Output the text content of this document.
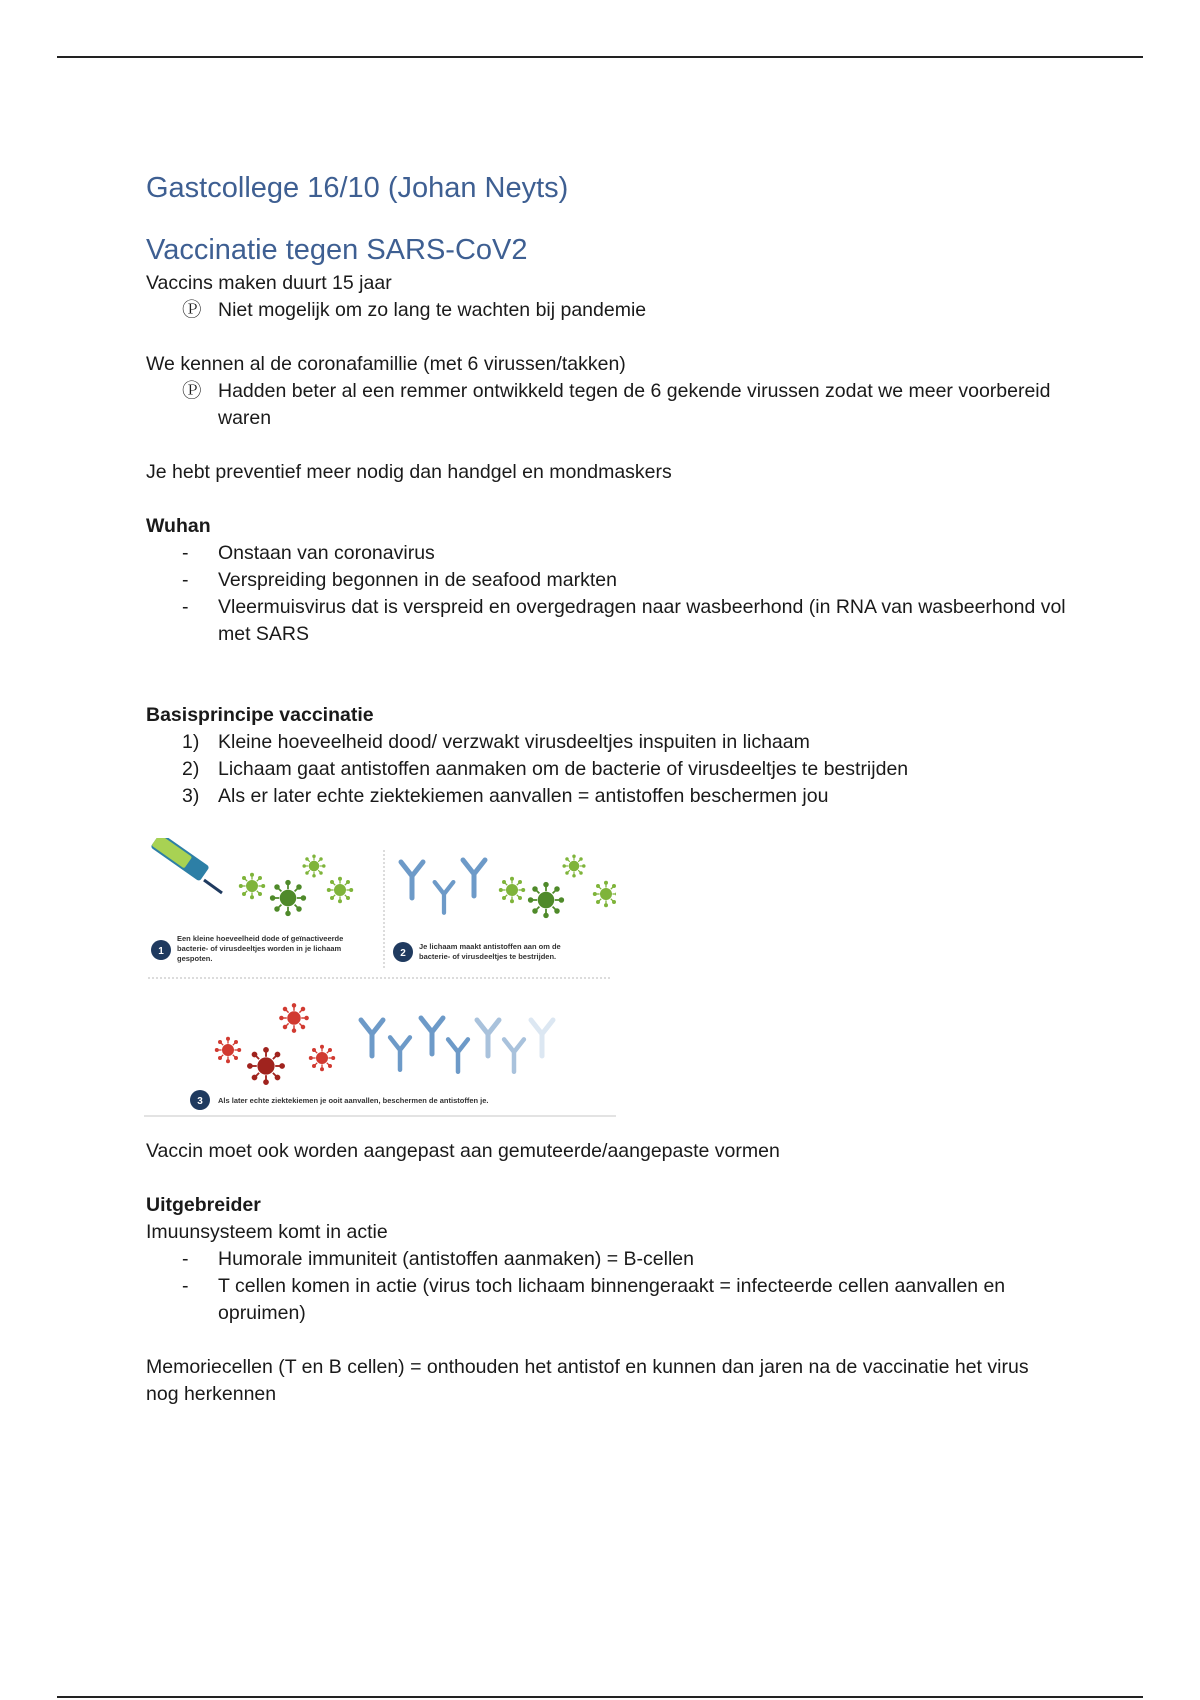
Gastcollege 16/10 (Johan Neyts)
Vaccinatie tegen SARS-CoV2

Vaccins maken duurt 15 jaar

Ⓟ Niet mogelijk om zo lang te wachten bij pandemie

We kennen al de coronafamillie (met 6 virussen/takken)

Ⓟ Hadden beter al een remmer ontwikkeld tegen de 6 gekende virussen zodat we meer voorbereid waren

Je hebt preventief meer nodig dan handgel en mondmaskers

Wuhan

- Onstaan van coronavirus
- Verspreiding begonnen in de seafood markten
- Vleermuisvirus dat is verspreid en overgedragen naar wasbeerhond (in RNA van wasbeerhond vol met SARS

Basisprincipe vaccinatie

1) Kleine hoeveelheid dood/ verzwakt virusdeeltjes inspuiten in lichaam
2) Lichaam gaat antistoffen aanmaken om de bacterie of virusdeeltjes te bestrijden
3) Als er later echte ziektekiemen aanvallen = antistoffen beschermen jou
1
Een kleine hoeveelheid dode of geïnactiveerde
bacterie- of virusdeeltjes worden in je lichaam
gespoten.	2
Je lichaam maakt antistoffen aan om de
bacterie- of virusdeeltjes te bestrijden.
3 Als later echte ziektekiemen je ooit aanvallen, beschermen de antistoffen je.

Vaccin moet ook worden aangepast aan gemuteerde/aangepaste vormen

Uitgebreider

Imuunsysteem komt in actie

- Humorale immuniteit (antistoffen aanmaken) = B-cellen
- T cellen komen in actie (virus toch lichaam binnengeraakt = infecteerde cellen aanvallen en opruimen)

Memoriecellen (T en B cellen) = onthouden het antistof en kunnen dan jaren na de vaccinatie het virus nog herkennen
